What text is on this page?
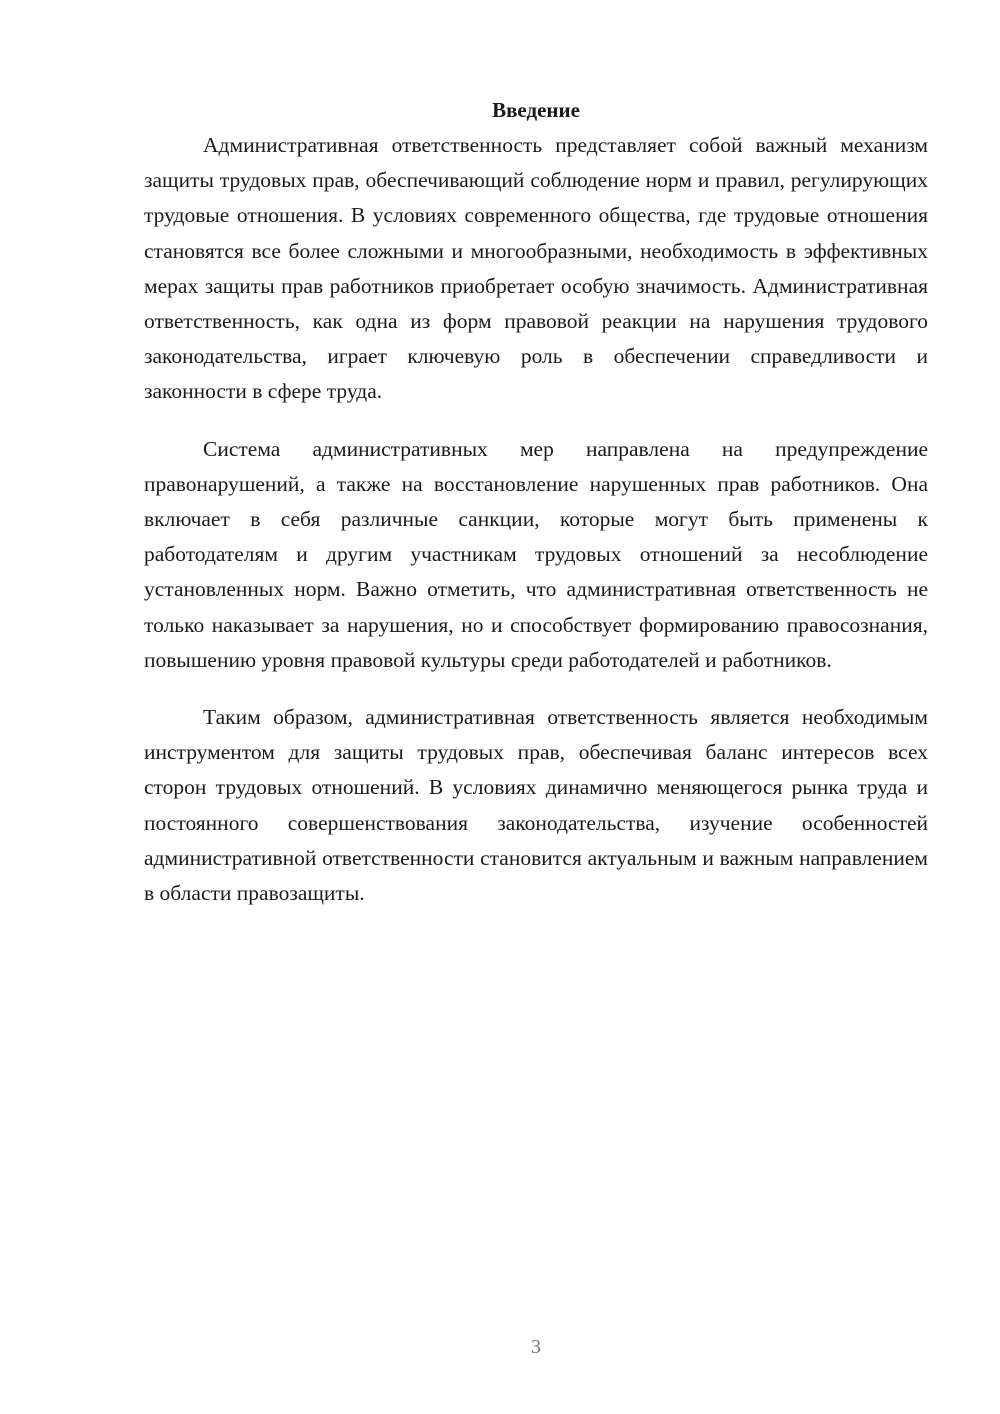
Введение

Административная ответственность представляет собой важный механизм защиты трудовых прав, обеспечивающий соблюдение норм и правил, регулирующих трудовые отношения. В условиях современного общества, где трудовые отношения становятся все более сложными и многообразными, необходимость в эффективных мерах защиты прав работников приобретает особую значимость. Административная ответственность, как одна из форм правовой реакции на нарушения трудового законодательства, играет ключевую роль в обеспечении справедливости и законности в сфере труда.

Система административных мер направлена на предупреждение правонарушений, а также на восстановление нарушенных прав работников. Она включает в себя различные санкции, которые могут быть применены к работодателям и другим участникам трудовых отношений за несоблюдение установленных норм. Важно отметить, что административная ответственность не только наказывает за нарушения, но и способствует формированию правосознания, повышению уровня правовой культуры среди работодателей и работников.

Таким образом, административная ответственность является необходимым инструментом для защиты трудовых прав, обеспечивая баланс интересов всех сторон трудовых отношений. В условиях динамично меняющегося рынка труда и постоянного совершенствования законодательства, изучение особенностей административной ответственности становится актуальным и важным направлением в области правозащиты.

3
